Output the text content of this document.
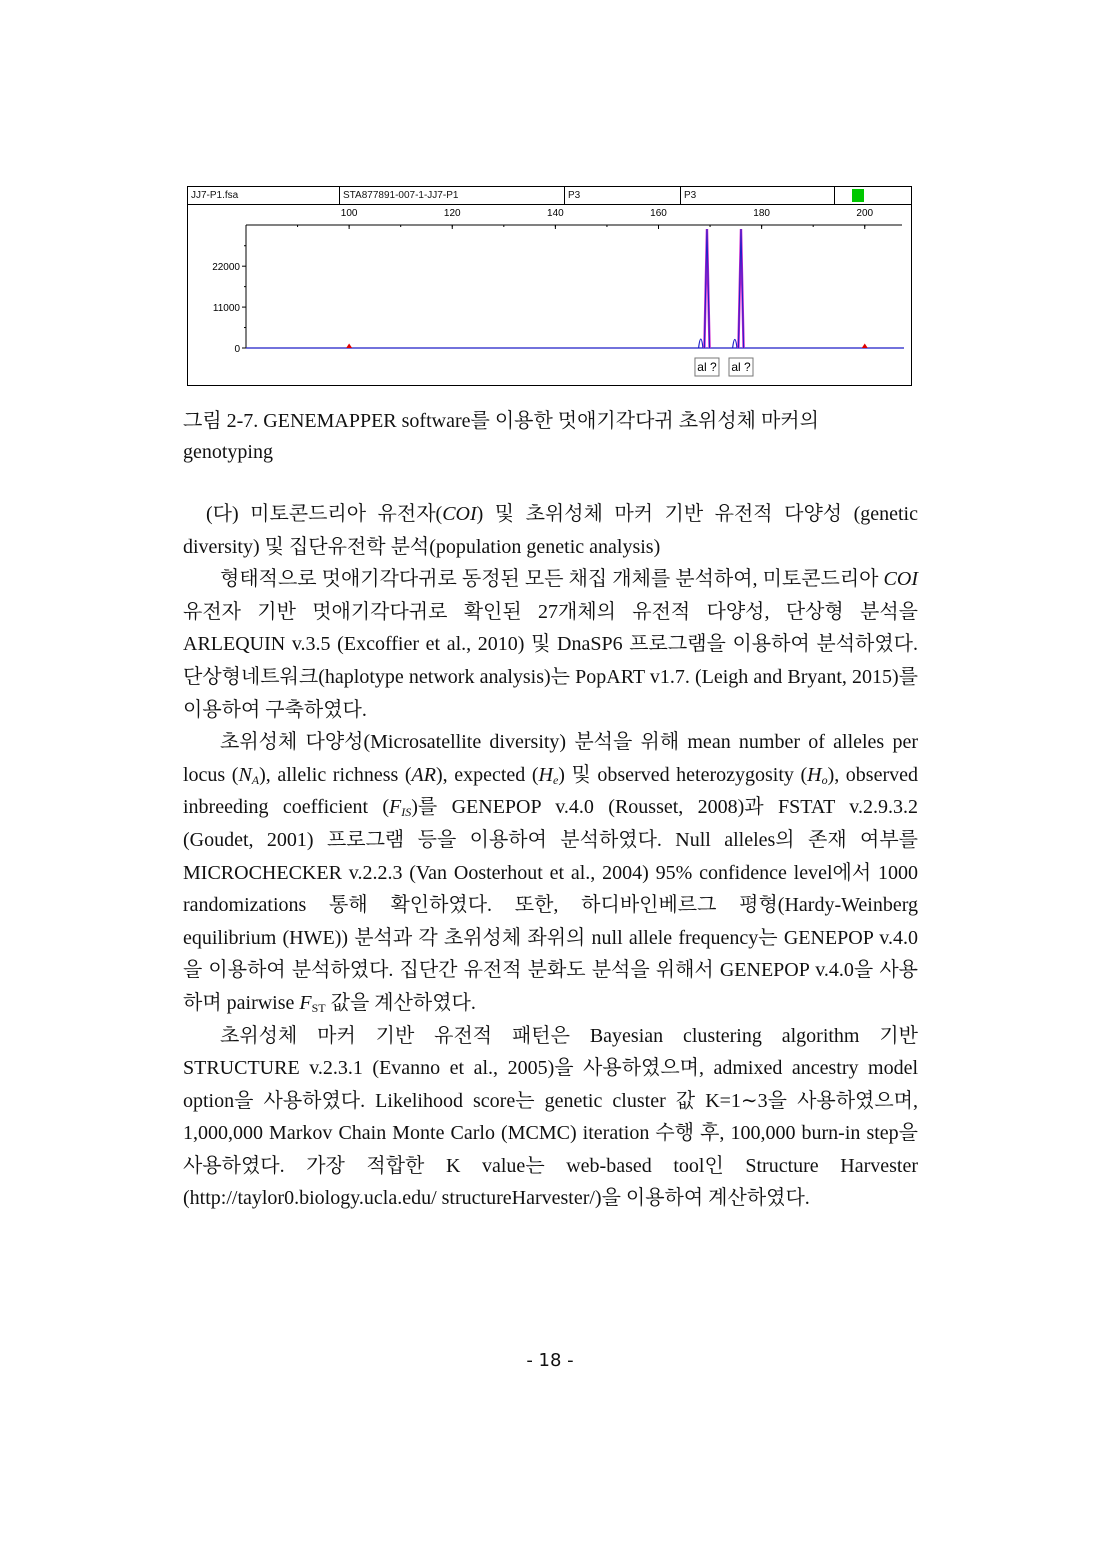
JJ7-P1.fsa	STA877891-007-1-JJ7-P1	P3	P3
100	120	140	160	180	200
22000
11000
0
al ? al ?
그림 2-7. GENEMAPPER software를 이용한 멋애기각다귀 초위성체 마커의
genotyping

(다) 미토콘드리아 유전자(COI) 및 초위성체 마커 기반 유전적 다양성 (genetic diversity) 및 집단유전학 분석(population genetic analysis)

형태적으로 멋애기각다귀로 동정된 모든 채집 개체를 분석하여, 미토콘드리아 COI 유전자 기반 멋애기각다귀로 확인된 27개체의 유전적 다양성, 단상형 분석을 ARLEQUIN v.3.5 (Excoffier et al., 2010) 및 DnaSP6 프로그램을 이용하여 분석하였다. 단상형네트워크(haplotype network analysis)는 PopART v1.7. (Leigh and Bryant, 2015)를 이용하여 구축하였다.

초위성체 다양성(Microsatellite diversity) 분석을 위해 mean number of alleles per locus $(N_A)$, allelic richness (AR), expected $(H_e)$ 및 observed heterozygosity $(H_o)$, observed inbreeding coefficient $(F_{IS})$를 GENEPOP v.4.0 (Rousset, 2008)과 FSTAT v.2.9.3.2 (Goudet, 2001) 프로그램 등을 이용하여 분석하였다. Null alleles의 존재 여부를 MICROCHECKER v.2.2.3 (Van Oosterhout et al., 2004) 95% confidence level에서 1000 randomizations 통해 확인하였다. 또한, 하디바인베르그 평형(Hardy-Weinberg equilibrium (HWE)) 분석과 각 초위성체 좌위의 null allele frequency는 GENEPOP v.4.0을 이용하여 분석하였다. 집단간 유전적 분화도 분석을 위해서 GENEPOP v.4.0을 사용하며 pairwise $F_{ST}$ 값을 계산하였다.

초위성체 마커 기반 유전적 패턴은 Bayesian clustering algorithm 기반 STRUCTURE v.2.3.1 (Evanno et al., 2005)을 사용하였으며, admixed ancestry model option을 사용하였다. Likelihood score는 genetic cluster 값 K=1∼3을 사용하였으며, 1,000,000 Markov Chain Monte Carlo (MCMC) iteration 수행 후, 100,000 burn-in step을 사용하였다. 가장 적합한 K value는 web-based tool인 Structure Harvester (http://taylor0.biology.ucla.edu/ structureHarvester/)을 이용하여 계산하였다.

- 18 -
